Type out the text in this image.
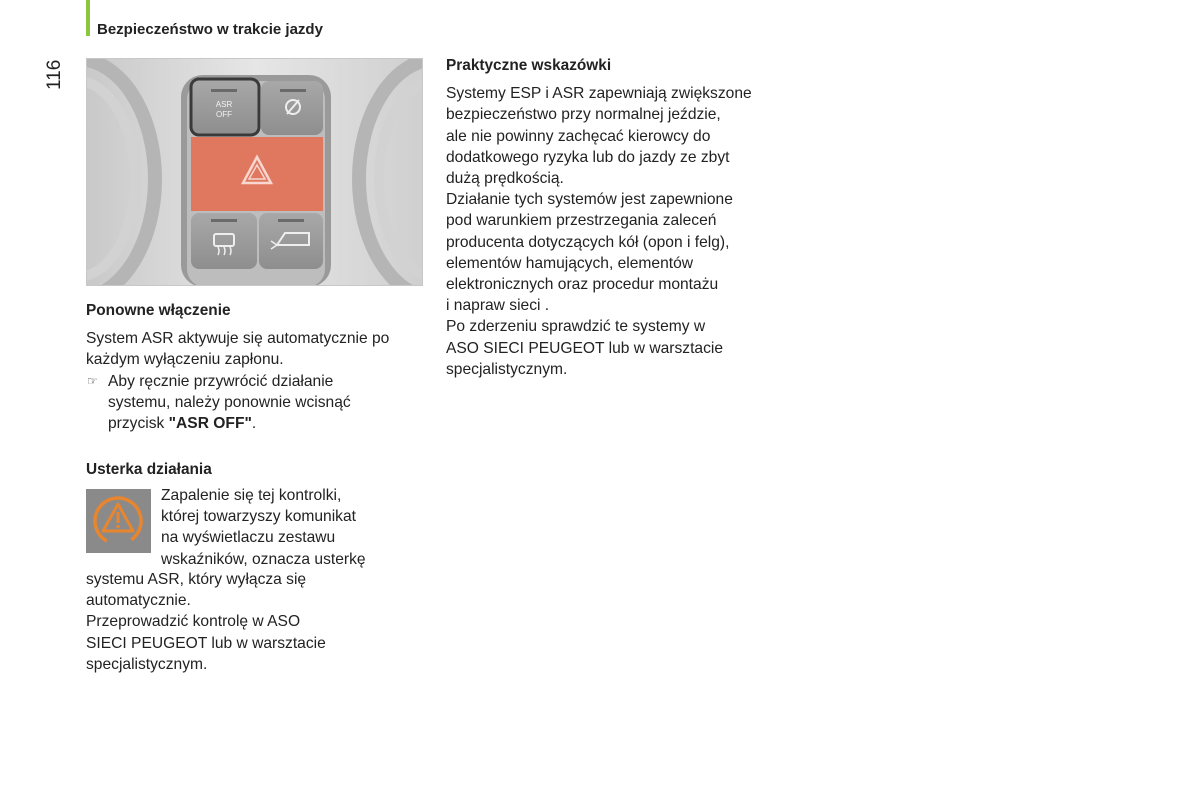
Bezpieczeństwo w trakcie jazdy
116
ASR
OFF

Ponowne włączenie

System ASR aktywuje się automatycznie po

każdym wyłączeniu zapłonu.

☞ Aby ręcznie przywrócić działanie

systemu, należy ponownie wcisnąć

przycisk "ASR OFF".

Usterka działania

Zapalenie się tej kontrolki,

której towarzyszy komunikat

na wyświetlaczu zestawu

wskaźników, oznacza usterkę

systemu ASR, który wyłącza się

automatycznie.

Przeprowadzić kontrolę w ASO

SIECI PEUGEOT lub w warsztacie

specjalistycznym.

Praktyczne wskazówki

Systemy ESP i ASR zapewniają zwiększone

bezpieczeństwo przy normalnej jeździe,

ale nie powinny zachęcać kierowcy do

dodatkowego ryzyka lub do jazdy ze zbyt

dużą prędkością.

Działanie tych systemów jest zapewnione

pod warunkiem przestrzegania zaleceń

producenta dotyczących kół (opon i felg),

elementów hamujących, elementów

elektronicznych oraz procedur montażu

i napraw sieci .

Po zderzeniu sprawdzić te systemy w

ASO SIECI PEUGEOT lub w warsztacie

specjalistycznym.
